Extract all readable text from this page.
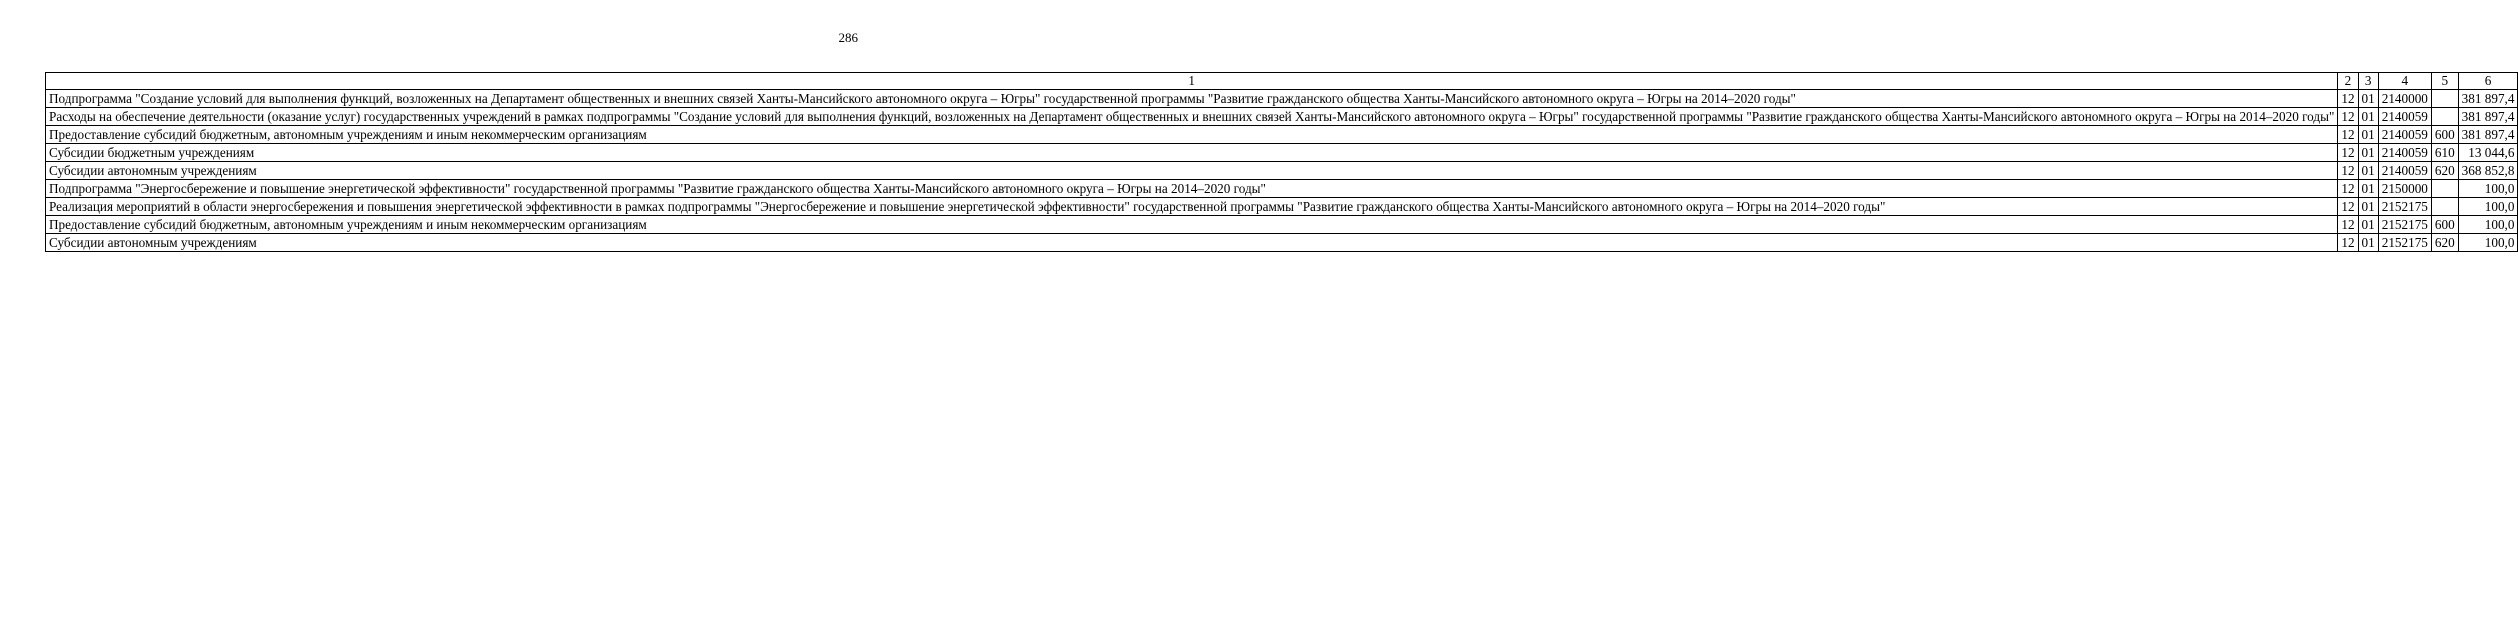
286
1	2	3	4	5	6
Подпрограмма "Создание условий для выполнения функций, возложенных на Департамент общественных и внешних связей Ханты-Мансийского автономного округа – Югры" государственной программы "Развитие гражданского общества Ханты-Мансийского автономного округа – Югры на 2014–2020 годы"	12	01	2140000		381 897,4
Расходы на обеспечение деятельности (оказание услуг) государственных учреждений в рамках подпрограммы "Создание условий для выполнения функций, возложенных на Департамент общественных и внешних связей Ханты-Мансийского автономного округа – Югры" государственной программы "Развитие гражданского общества Ханты-Мансийского автономного округа – Югры на 2014–2020 годы"	12	01	2140059		381 897,4
Предоставление субсидий бюджетным, автономным учреждениям и иным некоммерческим организациям	12	01	2140059	600	381 897,4
Субсидии бюджетным учреждениям	12	01	2140059	610	13 044,6
Субсидии автономным учреждениям	12	01	2140059	620	368 852,8
Подпрограмма "Энергосбережение и повышение энергетической эффективности" государственной программы "Развитие гражданского общества Ханты-Мансийского автономного округа – Югры на 2014–2020 годы"	12	01	2150000		100,0
Реализация мероприятий в области энергосбережения и повышения энергетической эффективности в рамках подпрограммы "Энергосбережение и повышение энергетической эффективности" государственной программы "Развитие гражданского общества Ханты-Мансийского автономного округа – Югры на 2014–2020 годы"	12	01	2152175		100,0
Предоставление субсидий бюджетным, автономным учреждениям и иным некоммерческим организациям	12	01	2152175	600	100,0
Субсидии автономным учреждениям	12	01	2152175	620	100,0
